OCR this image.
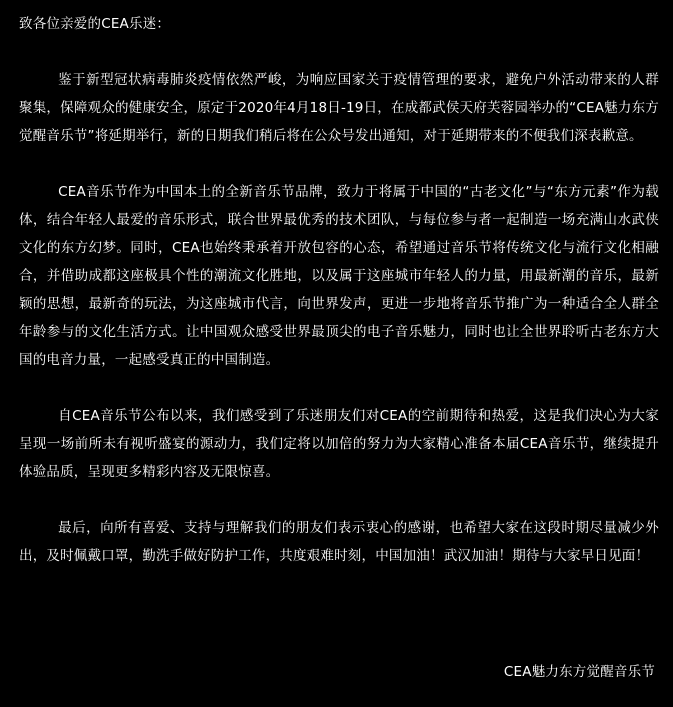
致各位亲爱的CEA乐迷：

鉴于新型冠状病毒肺炎疫情依然严峻，为响应国家关于疫情管理的要求，避免户外活动带来的人群聚集，保障观众的健康安全，原定于2020年4月18日-19日，在成都武侯天府芙蓉园举办的“CEA魅力东方觉醒音乐节”将延期举行，新的日期我们稍后将在公众号发出通知，对于延期带来的不便我们深表歉意。

CEA音乐节作为中国本土的全新音乐节品牌，致力于将属于中国的“古老文化”与“东方元素”作为载体，结合年轻人最爱的音乐形式，联合世界最优秀的技术团队，与每位参与者一起制造一场充满山水武侠文化的东方幻梦。同时，CEA也始终秉承着开放包容的心态，希望通过音乐节将传统文化与流行文化相融合，并借助成都这座极具个性的潮流文化胜地，以及属于这座城市年轻人的力量，用最新潮的音乐，最新颖的思想，最新奇的玩法，为这座城市代言，向世界发声，更进一步地将音乐节推广为一种适合全人群全年龄参与的文化生活方式。让中国观众感受世界最顶尖的电子音乐魅力，同时也让全世界聆听古老东方大国的电音力量，一起感受真正的中国制造。

自CEA音乐节公布以来，我们感受到了乐迷朋友们对CEA的空前期待和热爱，这是我们决心为大家呈现一场前所未有视听盛宴的源动力，我们定将以加倍的努力为大家精心准备本届CEA音乐节，继续提升体验品质，呈现更多精彩内容及无限惊喜。

最后，向所有喜爱、支持与理解我们的朋友们表示衷心的感谢，也希望大家在这段时期尽量减少外出，及时佩戴口罩，勤洗手做好防护工作，共度艰难时刻，中国加油！武汉加油！期待与大家早日见面！

CEA魅力东方觉醒音乐节
